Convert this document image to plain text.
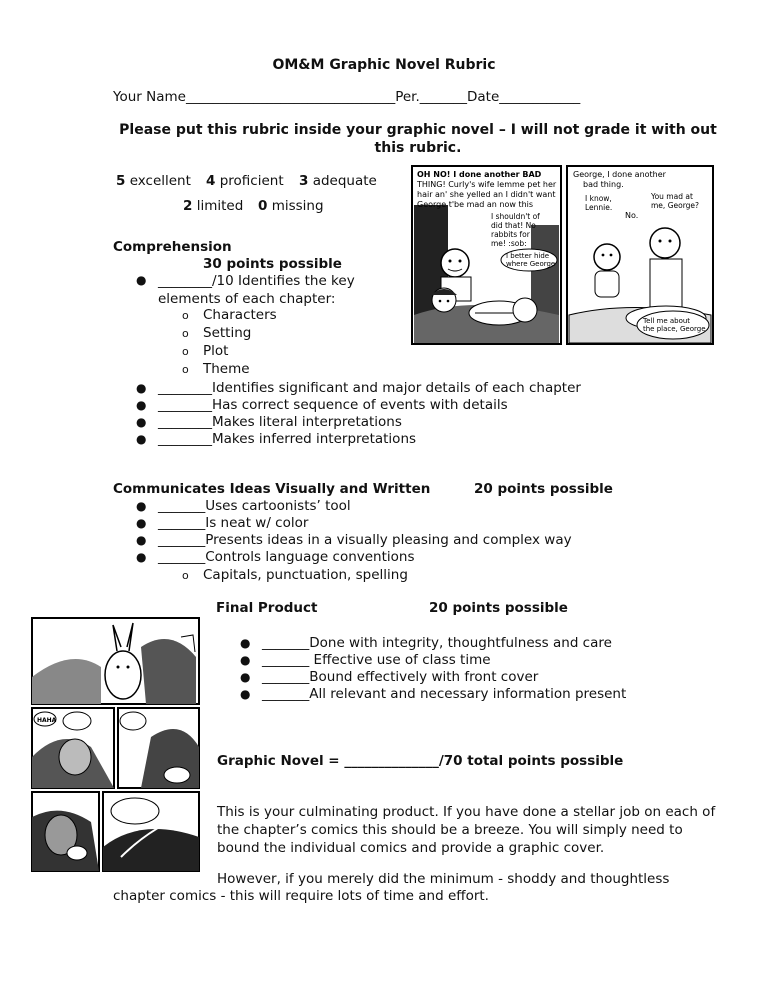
OM&M Graphic Novel Rubric
Your Name_______________________________Per._______Date____________
Please put this rubric inside your graphic novel – I will not grade it with out this rubric.
5 excellent 4 proficient 3 adequate
2 limited 0 missing
Comprehension
30 points possible
● ________/10 Identifies the key elements of each chapter:
o Characters
o Setting
o Plot
o Theme
● ________Identifies significant and major details of each chapter
● ________Has correct sequence of events with details
● ________Makes literal interpretations
● ________Makes inferred interpretations
Communicates Ideas Visually and Written	20 points possible
● _______Uses cartoonists’ tool
● _______Is neat w/ color
● _______Presents ideas in a visually pleasing and complex way
● _______Controls language conventions
o Capitals, punctuation, spelling
Final Product	20 points possible
● _______Done with integrity, thoughtfulness and care
● _______ Effective use of class time
● _______Bound effectively with front cover
● _______All relevant and necessary information present
Graphic Novel = ______________/70 total points possible
This is your culminating product. If you have done a stellar job on each of the chapter’s comics this should be a breeze. You will simply need to bound the individual comics and provide a graphic cover.
However, if you merely did the minimum - shoddy and thoughtless
chapter comics - this will require lots of time and effort.
OH NO! I done another BAD
THING! Curly's wife lemme pet her
hair an' she yelled an I didn't want
George t'be mad an now this
I shouldn't of
did that! No
rabbits for
me! :sob:
I better hide
where George
George, I done another
bad thing.
I know,
Lennie.
You mad at
me, George?
No.
Tell me about
the place, George
HAHA
